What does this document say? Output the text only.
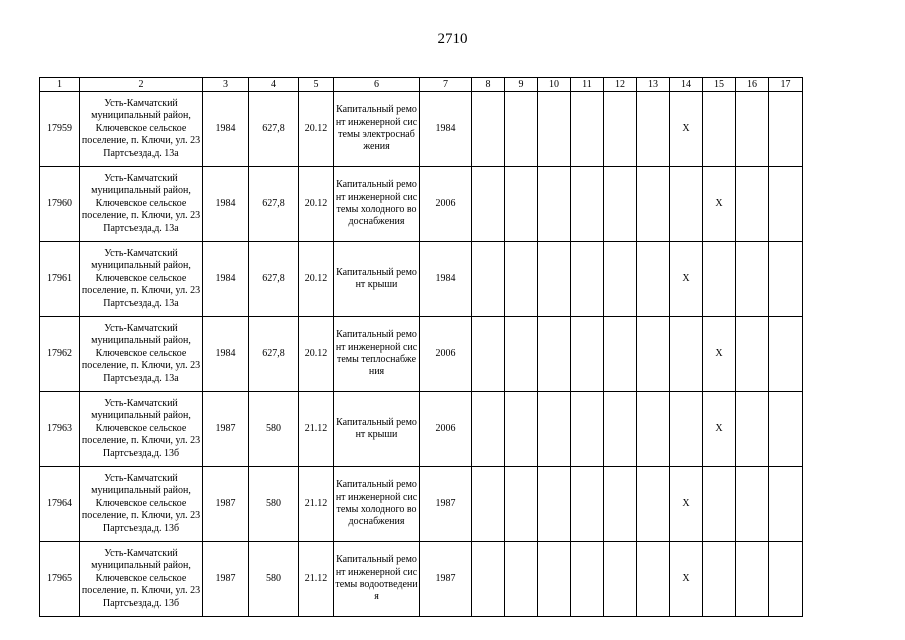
2710
1	2	3	4	5	6	7	8	9	10	11	12	13	14	15	16	17
17959	Усть-Камчатский муниципальный район, Ключевское сельское поселение, п. Ключи, ул. 23 Партсъезда,д. 13а	1984	627,8	20.12	Капитальный ремонт инженерной системы электроснабжения	1984							X			
17960	Усть-Камчатский муниципальный район, Ключевское сельское поселение, п. Ключи, ул. 23 Партсъезда,д. 13а	1984	627,8	20.12	Капитальный ремонт инженерной системы холодного водоснабжения	2006								X		
17961	Усть-Камчатский муниципальный район, Ключевское сельское поселение, п. Ключи, ул. 23 Партсъезда,д. 13а	1984	627,8	20.12	Капитальный ремонт крыши	1984							X			
17962	Усть-Камчатский муниципальный район, Ключевское сельское поселение, п. Ключи, ул. 23 Партсъезда,д. 13а	1984	627,8	20.12	Капитальный ремонт инженерной системы теплоснабжения	2006								X		
17963	Усть-Камчатский муниципальный район, Ключевское сельское поселение, п. Ключи, ул. 23 Партсъезда,д. 13б	1987	580	21.12	Капитальный ремонт крыши	2006								X		
17964	Усть-Камчатский муниципальный район, Ключевское сельское поселение, п. Ключи, ул. 23 Партсъезда,д. 13б	1987	580	21.12	Капитальный ремонт инженерной системы холодного водоснабжения	1987							X			
17965	Усть-Камчатский муниципальный район, Ключевское сельское поселение, п. Ключи, ул. 23 Партсъезда,д. 13б	1987	580	21.12	Капитальный ремонт инженерной системы водоотведения	1987							X			
